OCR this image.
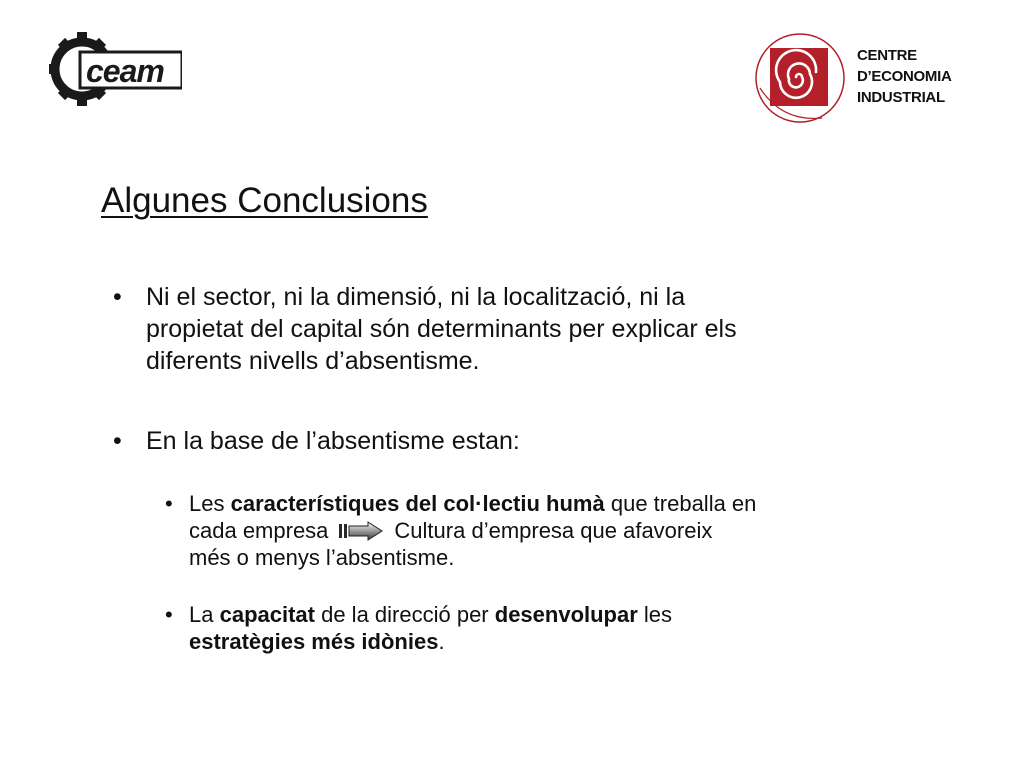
ceam	CENTRE
D’ECONOMIA
INDUSTRIAL
Algunes Conclusions
• Ni el sector, ni la dimensió, ni la localització, ni la
propietat del capital són determinants per explicar els
diferents nivells d’absentisme.
• En la base de l’absentisme estan:
• Les característiques del col·lectiu humà que treballa en
cada empresa	Cultura d’empresa que afavoreix
més o menys l’absentisme.
• La capacitat de la direcció per desenvolupar les
estratègies més idònies.
